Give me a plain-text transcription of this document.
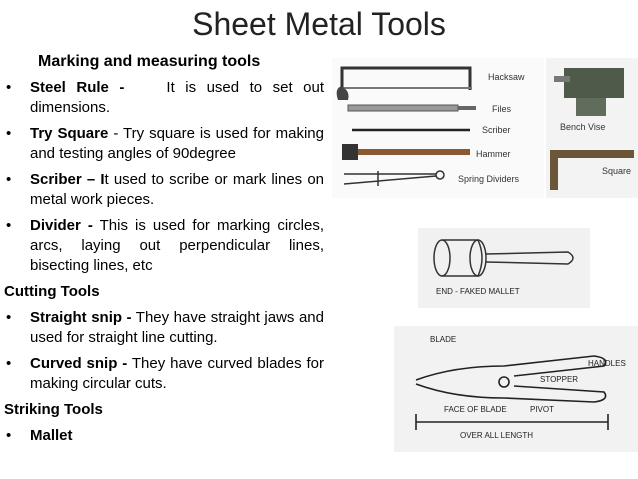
Sheet Metal Tools
Marking and measuring tools
• Steel Rule -	It is used to set out dimensions.
• Try Square - Try square is used for making and testing angles of 90degree
• Scriber – It used to scribe or mark lines on metal work pieces.
• Divider - This is used for marking circles, arcs, laying out perpendicular lines, bisecting lines, etc
Cutting Tools
• Straight snip - They have straight jaws and used for straight line cutting.
• Curved snip - They have curved blades for making circular cuts.
Striking Tools
• Mallet
Hacksaw
Files
Scriber
Hammer
Spring Dividers
Bench Vise
Square
END - FAKED MALLET
BLADE
HANDLES
STOPPER
FACE OF BLADE	PIVOT
OVER ALL LENGTH
